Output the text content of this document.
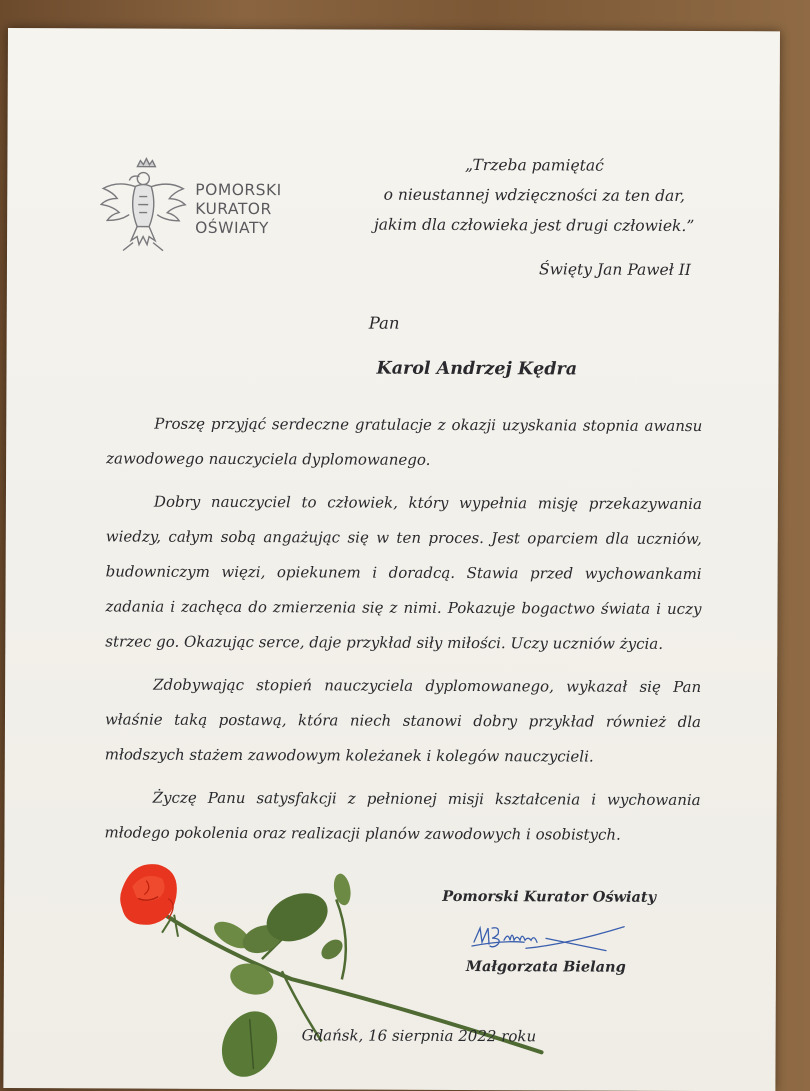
POMORSKI
KURATOR
OŚWIATY
„Trzeba pamiętać
o nieustannej wdzięczności za ten dar,
jakim dla człowieka jest drugi człowiek.”
Święty Jan Paweł II
Pan
Karol Andrzej Kędra

Proszę przyjąć serdeczne gratulacje z okazji uzyskania stopnia awansu zawodowego nauczyciela dyplomowanego.

Dobry nauczyciel to człowiek, który wypełnia misję przekazywania wiedzy, całym sobą angażując się w ten proces. Jest oparciem dla uczniów, budowniczym więzi, opiekunem i doradcą. Stawia przed wychowankami zadania i zachęca do zmierzenia się z nimi. Pokazuje bogactwo świata i uczy strzec go. Okazując serce, daje przykład siły miłości. Uczy uczniów życia.

Zdobywając stopień nauczyciela dyplomowanego, wykazał się Pan właśnie taką postawą, która niech stanowi dobry przykład również dla młodszych stażem zawodowym koleżanek i kolegów nauczycieli.

Życzę Panu satysfakcji z pełnionej misji kształcenia i wychowania młodego pokolenia oraz realizacji planów zawodowych i osobistych.

Pomorski Kurator Oświaty
Małgorzata Bielang
Gdańsk, 16 sierpnia 2022 roku
